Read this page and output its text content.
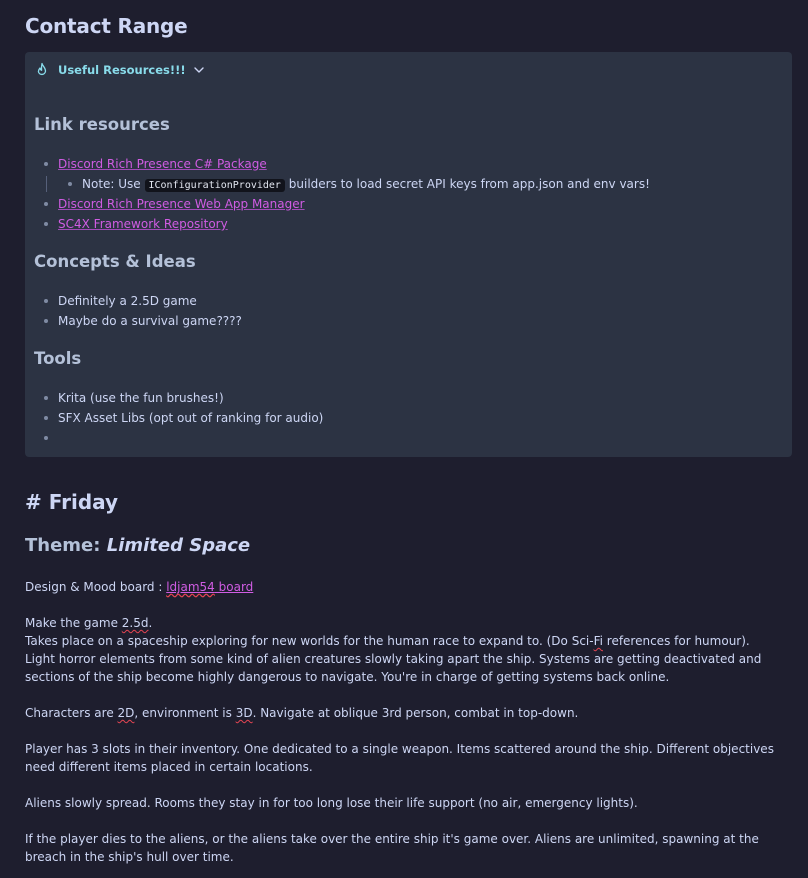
Contact Range
Useful Resources!!!
Link resources
Discord Rich Presence C# Package
Note: Use IConfigurationProvider builders to load secret API keys from app.json and env vars!
Discord Rich Presence Web App Manager
SC4X Framework Repository
Concepts & Ideas
Definitely a 2.5D game
Maybe do a survival game????
Tools
Krita (use the fun brushes!)
SFX Asset Libs (opt out of ranking for audio)
# Friday
Theme: Limited Space

Design & Mood board : ldjam54 board

Make the game 2.5d.

Takes place on a spaceship exploring for new worlds for the human race to expand to. (Do Sci-Fi references for humour).

Light horror elements from some kind of alien creatures slowly taking apart the ship. Systems are getting deactivated and sections of the ship become highly dangerous to navigate. You're in charge of getting systems back online.

Characters are 2D, environment is 3D. Navigate at oblique 3rd person, combat in top-down.

Player has 3 slots in their inventory. One dedicated to a single weapon. Items scattered around the ship. Different objectives need different items placed in certain locations.

Aliens slowly spread. Rooms they stay in for too long lose their life support (no air, emergency lights).

If the player dies to the aliens, or the aliens take over the entire ship it's game over. Aliens are unlimited, spawning at the breach in the ship's hull over time.
